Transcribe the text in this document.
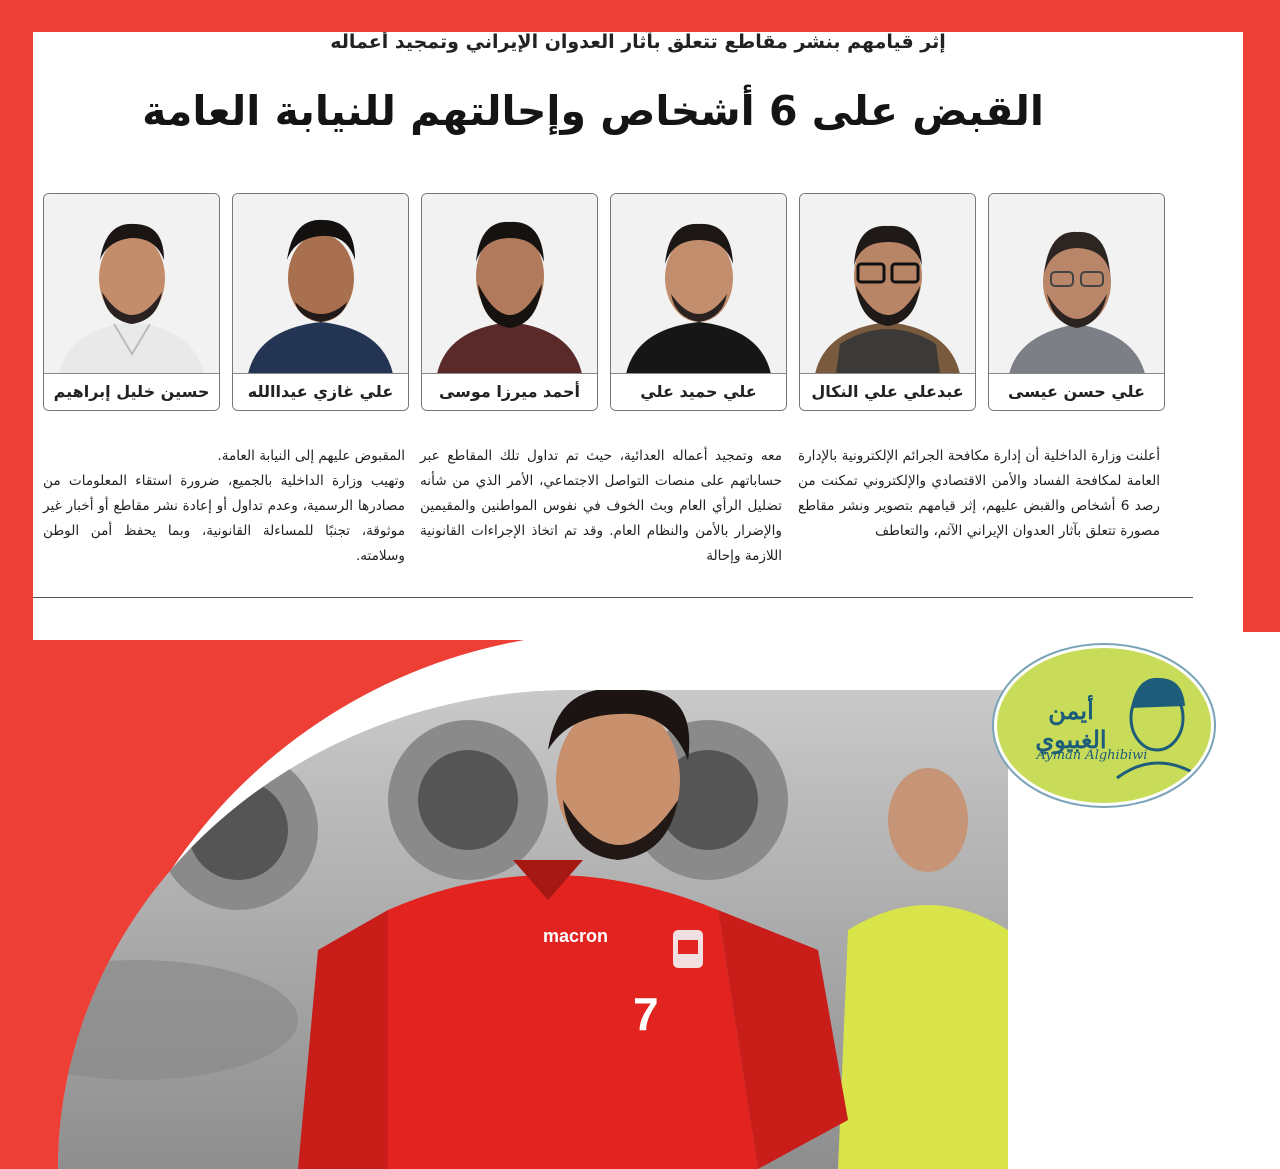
إثر قيامهم بنشر مقاطع تتعلق بآثار العدوان الإيراني وتمجيد أعماله
القبض على 6 أشخاص وإحالتهم للنيابة العامة
علي حسن عيسى
عبدعلي علي النكال
علي حميد علي
أحمد ميرزا موسى
علي غازي عيداالله
حسين خليل إبراهيم

أعلنت وزارة الداخلية أن إدارة مكافحة الجرائم الإلكترونية بالإدارة العامة لمكافحة الفساد والأمن الاقتصادي والإلكتروني تمكنت من رصد 6 أشخاص والقبض عليهم، إثر قيامهم بتصوير ونشر مقاطع مصورة تتعلق بآثار العدوان الإيراني الآثم، والتعاطف

معه وتمجيد أعماله العدائية، حيث تم تداول تلك المقاطع عبر حساباتهم على منصات التواصل الاجتماعي، الأمر الذي من شأنه تضليل الرأي العام وبث الخوف في نفوس المواطنين والمقيمين والإضرار بالأمن والنظام العام. وقد تم اتخاذ الإجراءات القانونية اللازمة وإحالة

المقبوض عليهم إلى النيابة العامة.

وتهيب وزارة الداخلية بالجميع، ضرورة استقاء المعلومات من مصادرها الرسمية، وعدم تداول أو إعادة نشر مقاطع أو أخبار غير موثوقة، تجنبًا للمساءلة القانونية، وبما يحفظ أمن الوطن وسلامته.

macron
7
أيمن الغبيوي
Ayman Alghibiwi
